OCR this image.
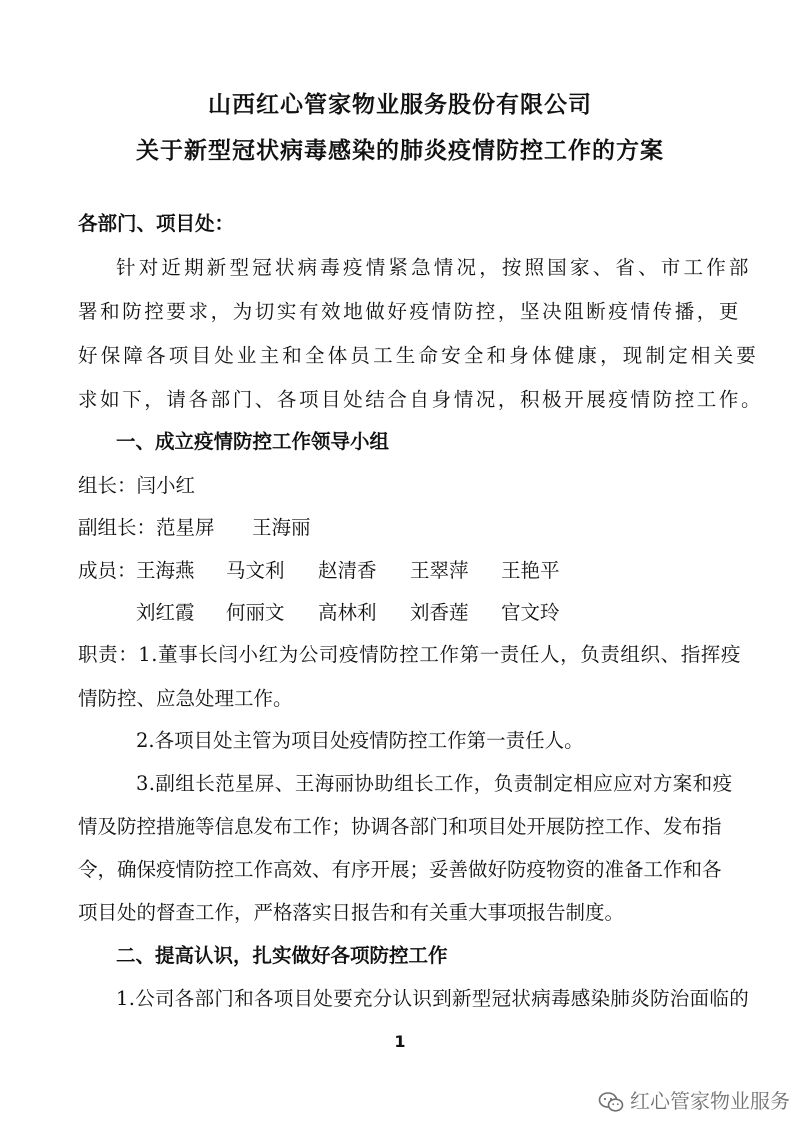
山西红心管家物业服务股份有限公司
关于新型冠状病毒感染的肺炎疫情防控工作的方案
各部门、项目处：
针对近期新型冠状病毒疫情紧急情况，按照国家、省、市工作部
署和防控要求，为切实有效地做好疫情防控，坚决阻断疫情传播，更
好保障各项目处业主和全体员工生命安全和身体健康，现制定相关要
求如下，请各部门、各项目处结合自身情况，积极开展疫情防控工作。
一、成立疫情防控工作领导小组
组长：闫小红
副组长：范星屏 王海丽
成员： 王海燕 马文利 赵清香 王翠萍 王艳平
刘红霞 何丽文 高林利 刘香莲 官文玲
职责：1.董事长闫小红为公司疫情防控工作第一责任人，负责组织、指挥疫
情防控、应急处理工作。
2.各项目处主管为项目处疫情防控工作第一责任人。
3.副组长范星屏、王海丽协助组长工作，负责制定相应应对方案和疫
情及防控措施等信息发布工作；协调各部门和项目处开展防控工作、发布指
令，确保疫情防控工作高效、有序开展；妥善做好防疫物资的准备工作和各
项目处的督查工作，严格落实日报告和有关重大事项报告制度。
二、提高认识，扎实做好各项防控工作
1.公司各部门和各项目处要充分认识到新型冠状病毒感染肺炎防治面临的
1
红心管家物业服务
